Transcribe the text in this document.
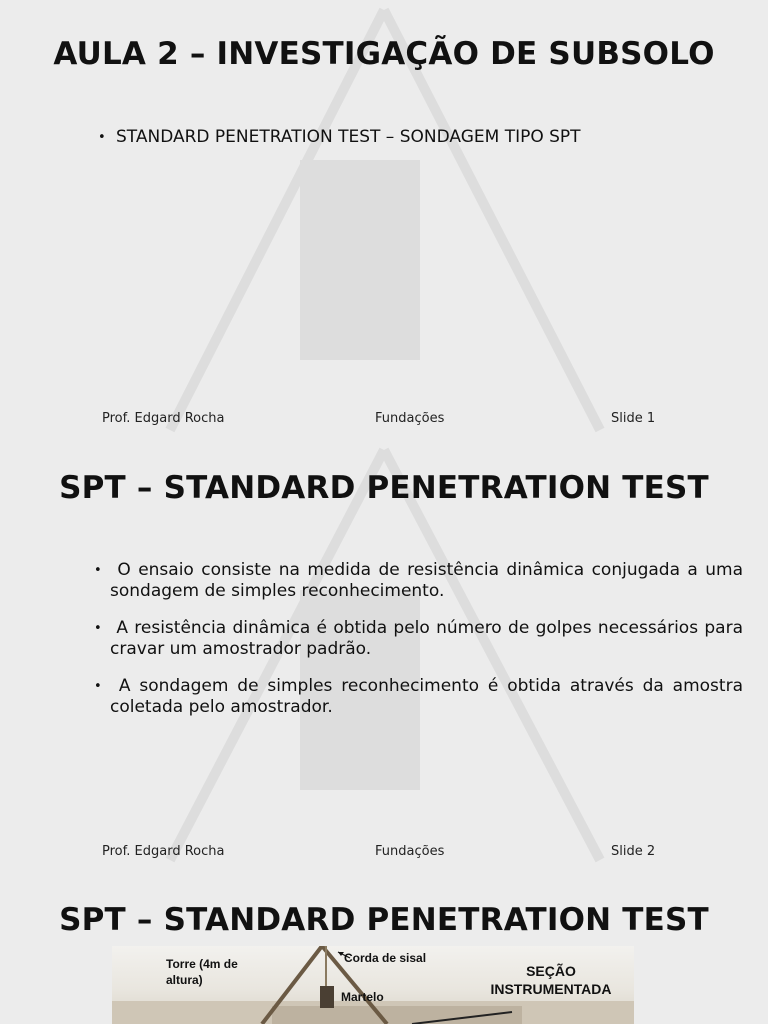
AULA 2 – INVESTIGAÇÃO DE SUBSOLO
• STANDARD PENETRATION TEST – SONDAGEM TIPO SPT
Prof. Edgard Rocha	Fundações	Slide 1
SPT – STANDARD PENETRATION TEST
• O ensaio consiste na medida de resistência dinâmica conjugada a uma sondagem de simples reconhecimento.
• A resistência dinâmica é obtida pelo número de golpes necessários para cravar um amostrador padrão.
• A sondagem de simples reconhecimento é obtida através da amostra coletada pelo amostrador.
Prof. Edgard Rocha	Fundações	Slide 2
SPT – STANDARD PENETRATION TEST
Torre (4m de
altura)
Corda de sisal
Martelo
SEÇÃO
INSTRUMENTADA
